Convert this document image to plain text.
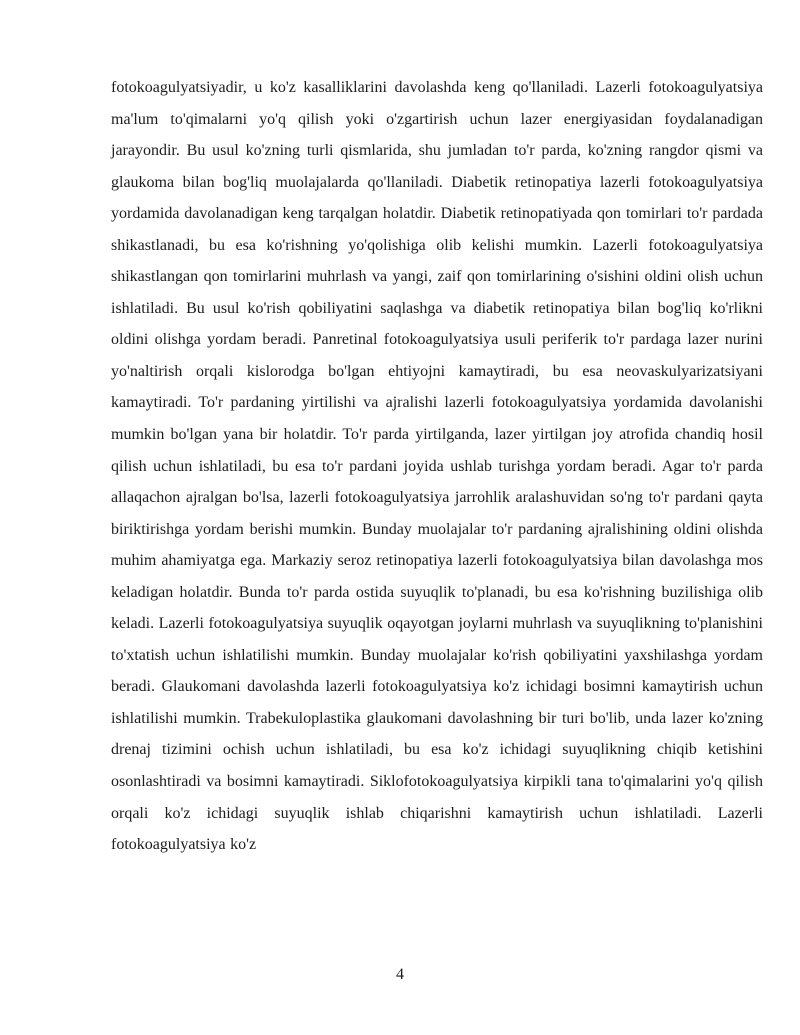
fotokoagulyatsiyadir, u ko'z kasalliklarini davolashda keng qo'llaniladi. Lazerli fotokoagulyatsiya ma'lum to'qimalarni yo'q qilish yoki o'zgartirish uchun lazer energiyasidan foydalanadigan jarayondir. Bu usul ko'zning turli qismlarida, shu jumladan to'r parda, ko'zning rangdor qismi va glaukoma bilan bog'liq muolajalarda qo'llaniladi. Diabetik retinopatiya lazerli fotokoagulyatsiya yordamida davolanadigan keng tarqalgan holatdir. Diabetik retinopatiyada qon tomirlari to'r pardada shikastlanadi, bu esa ko'rishning yo'qolishiga olib kelishi mumkin. Lazerli fotokoagulyatsiya shikastlangan qon tomirlarini muhrlash va yangi, zaif qon tomirlarining o'sishini oldini olish uchun ishlatiladi. Bu usul ko'rish qobiliyatini saqlashga va diabetik retinopatiya bilan bog'liq ko'rlikni oldini olishga yordam beradi. Panretinal fotokoagulyatsiya usuli periferik to'r pardaga lazer nurini yo'naltirish orqali kislorodga bo'lgan ehtiyojni kamaytiradi, bu esa neovaskulyarizatsiyani kamaytiradi. To'r pardaning yirtilishi va ajralishi lazerli fotokoagulyatsiya yordamida davolanishi mumkin bo'lgan yana bir holatdir. To'r parda yirtilganda, lazer yirtilgan joy atrofida chandiq hosil qilish uchun ishlatiladi, bu esa to'r pardani joyida ushlab turishga yordam beradi. Agar to'r parda allaqachon ajralgan bo'lsa, lazerli fotokoagulyatsiya jarrohlik aralashuvidan so'ng to'r pardani qayta biriktirishga yordam berishi mumkin. Bunday muolajalar to'r pardaning ajralishining oldini olishda muhim ahamiyatga ega. Markaziy seroz retinopatiya lazerli fotokoagulyatsiya bilan davolashga mos keladigan holatdir. Bunda to'r parda ostida suyuqlik to'planadi, bu esa ko'rishning buzilishiga olib keladi. Lazerli fotokoagulyatsiya suyuqlik oqayotgan joylarni muhrlash va suyuqlikning to'planishini to'xtatish uchun ishlatilishi mumkin. Bunday muolajalar ko'rish qobiliyatini yaxshilashga yordam beradi. Glaukomani davolashda lazerli fotokoagulyatsiya ko'z ichidagi bosimni kamaytirish uchun ishlatilishi mumkin. Trabekuloplastika glaukomani davolashning bir turi bo'lib, unda lazer ko'zning drenaj tizimini ochish uchun ishlatiladi, bu esa ko'z ichidagi suyuqlikning chiqib ketishini osonlashtiradi va bosimni kamaytiradi. Siklofotokoagulyatsiya kirpikli tana to'qimalarini yo'q qilish orqali ko'z ichidagi suyuqlik ishlab chiqarishni kamaytirish uchun ishlatiladi. Lazerli fotokoagulyatsiya ko'z

4
